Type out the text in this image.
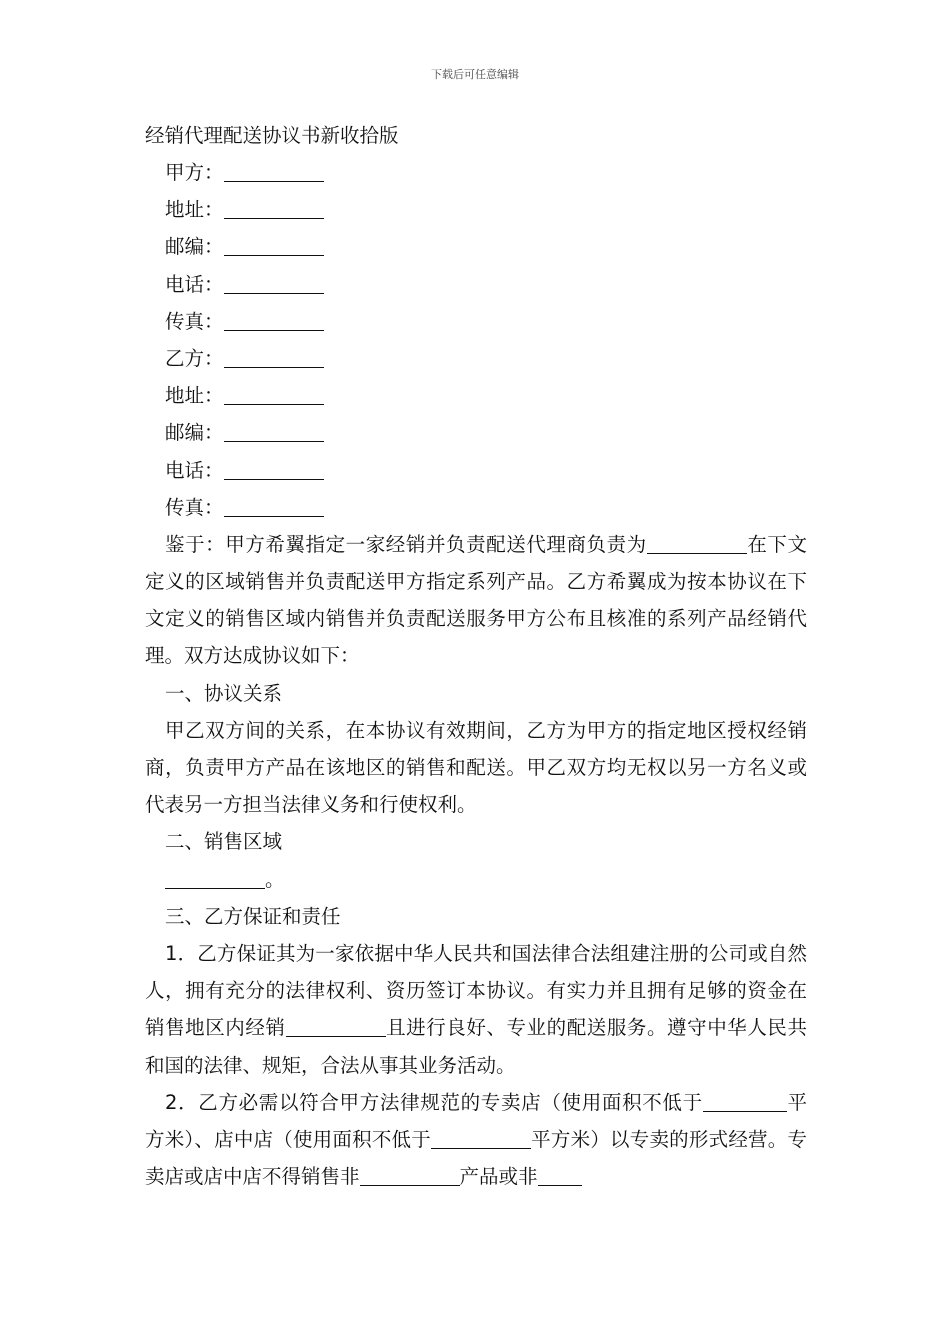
下载后可任意编辑
经销代理配送协议书新收拾版
甲方：
地址：
邮编：
电话：
传真：
乙方：
地址：
邮编：
电话：
传真：

鉴于：甲方希翼指定一家经销并负责配送代理商负责为	在下文定义的区域销售并负责配送甲方指定系列产品。乙方希翼成为按本协议在下文定义的销售区域内销售并负责配送服务甲方公布且核准的系列产品经销代理。双方达成协议如下：

一、协议关系

甲乙双方间的关系，在本协议有效期间，乙方为甲方的指定地区授权经销商，负责甲方产品在该地区的销售和配送。甲乙双方均无权以另一方名义或代表另一方担当法律义务和行使权利。

二、销售区域
。
三、乙方保证和责任

1．乙方保证其为一家依据中华人民共和国法律合法组建注册的公司或自然人，拥有充分的法律权利、资历签订本协议。有实力并且拥有足够的资金在销售地区内经销	且进行良好、专业的配送服务。遵守中华人民共和国的法律、规矩，合法从事其业务活动。

2．乙方必需以符合甲方法律规范的专卖店（使用面积不低于	平方米）、店中店（使用面积不低于	平方米）以专卖的形式经营。专卖店或店中店不得销售非	产品或非
